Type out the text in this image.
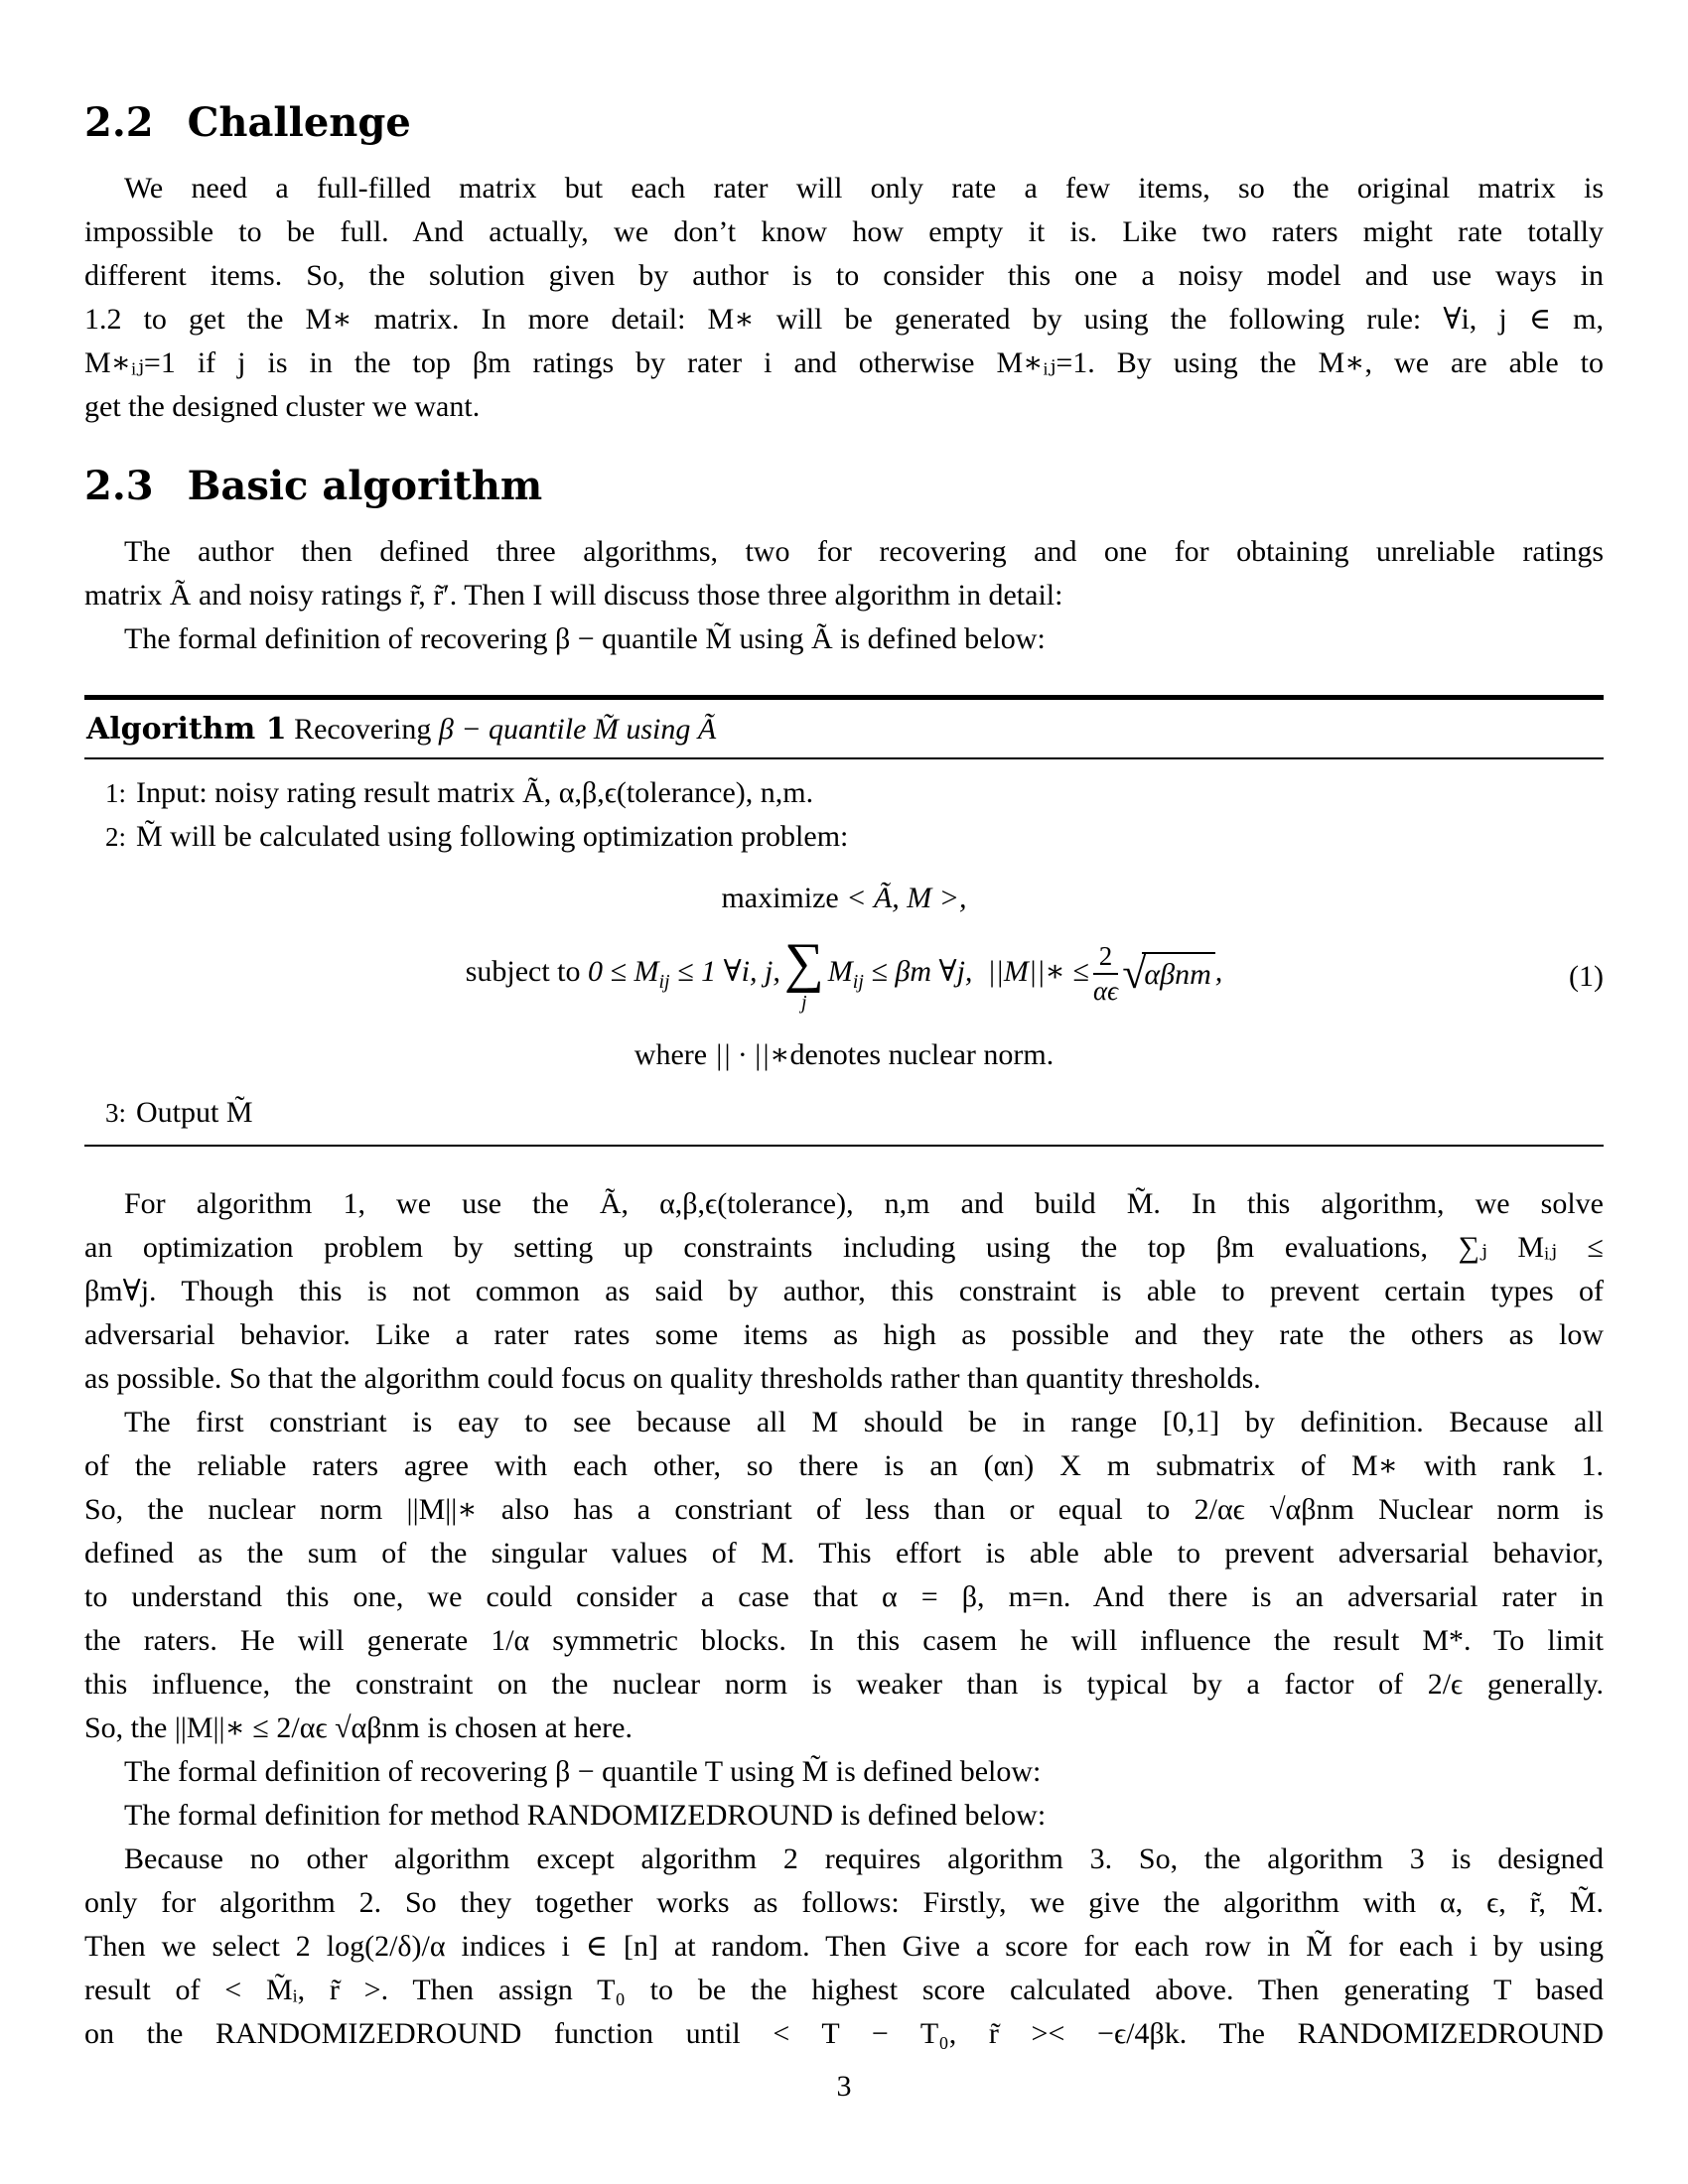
2.2 Challenge
We need a full-filled matrix but each rater will only rate a few items, so the original matrix is
impossible to be full. And actually, we don’t know how empty it is. Like two raters might rate totally
different items. So, the solution given by author is to consider this one a noisy model and use ways in
1.2 to get the M∗ matrix. In more detail: M∗ will be generated by using the following rule: ∀i, j ∈ m,
M∗ᵢⱼ=1 if j is in the top βm ratings by rater i and otherwise M∗ᵢⱼ=1. By using the M∗, we are able to
get the designed cluster we want.
2.3 Basic algorithm
The author then defined three algorithms, two for recovering and one for obtaining unreliable ratings
matrix Ã and noisy ratings r̃, r̃′. Then I will discuss those three algorithm in detail:
The formal definition of recovering β − quantile M̃ using Ã is defined below:
Algorithm 1 Recovering β − quantile M̃ using Ã
1: Input: noisy rating result matrix Ã, α,β,ϵ(tolerance), n,m.
2: M̃ will be calculated using following optimization problem:
maximize < Ã, M >,
subject to $0 \le M_{ij} \le 1$ ∀i, j, ∑
j
$M_{ij} \le \beta m$ ∀j, ||M||∗ ≤ $\frac{2}{\alpha\epsilon}$ √
αβnm ,	(1)
where || · ||∗denotes nuclear norm.
3: Output M̃
For algorithm 1, we use the Ã, α,β,ϵ(tolerance), n,m and build M̃. In this algorithm, we solve
an optimization problem by setting up constraints including using the top βm evaluations, ∑ⱼ Mᵢⱼ ≤
βm∀j. Though this is not common as said by author, this constraint is able to prevent certain types of
adversarial behavior. Like a rater rates some items as high as possible and they rate the others as low
as possible. So that the algorithm could focus on quality thresholds rather than quantity thresholds.
The first constriant is eay to see because all M should be in range [0,1] by definition. Because all
of the reliable raters agree with each other, so there is an (αn) X m submatrix of M∗ with rank 1.
So, the nuclear norm ||M||∗ also has a constriant of less than or equal to 2/αϵ √αβnm Nuclear norm is
defined as the sum of the singular values of M. This effort is able able to prevent adversarial behavior,
to understand this one, we could consider a case that α = β, m=n. And there is an adversarial rater in
the raters. He will generate 1/α symmetric blocks. In this casem he will influence the result M*. To limit
this influence, the constraint on the nuclear norm is weaker than is typical by a factor of 2/ϵ generally.
So, the ||M||∗ ≤ 2/αϵ √αβnm is chosen at here.
The formal definition of recovering β − quantile T using M̃ is defined below:
The formal definition for method RANDOMIZEDROUND is defined below:
Because no other algorithm except algorithm 2 requires algorithm 3. So, the algorithm 3 is designed
only for algorithm 2. So they together works as follows: Firstly, we give the algorithm with α, ϵ, r̃, M̃.
Then we select 2 log(2/δ)/α indices i ∈ [n] at random. Then Give a score for each row in M̃ for each i by using
result of < M̃ᵢ, r̃ >. Then assign T₀ to be the highest score calculated above. Then generating T based
on the RANDOMIZEDROUND function until < T − T₀, r̃ >< −ϵ/4βk. The RANDOMIZEDROUND
3
